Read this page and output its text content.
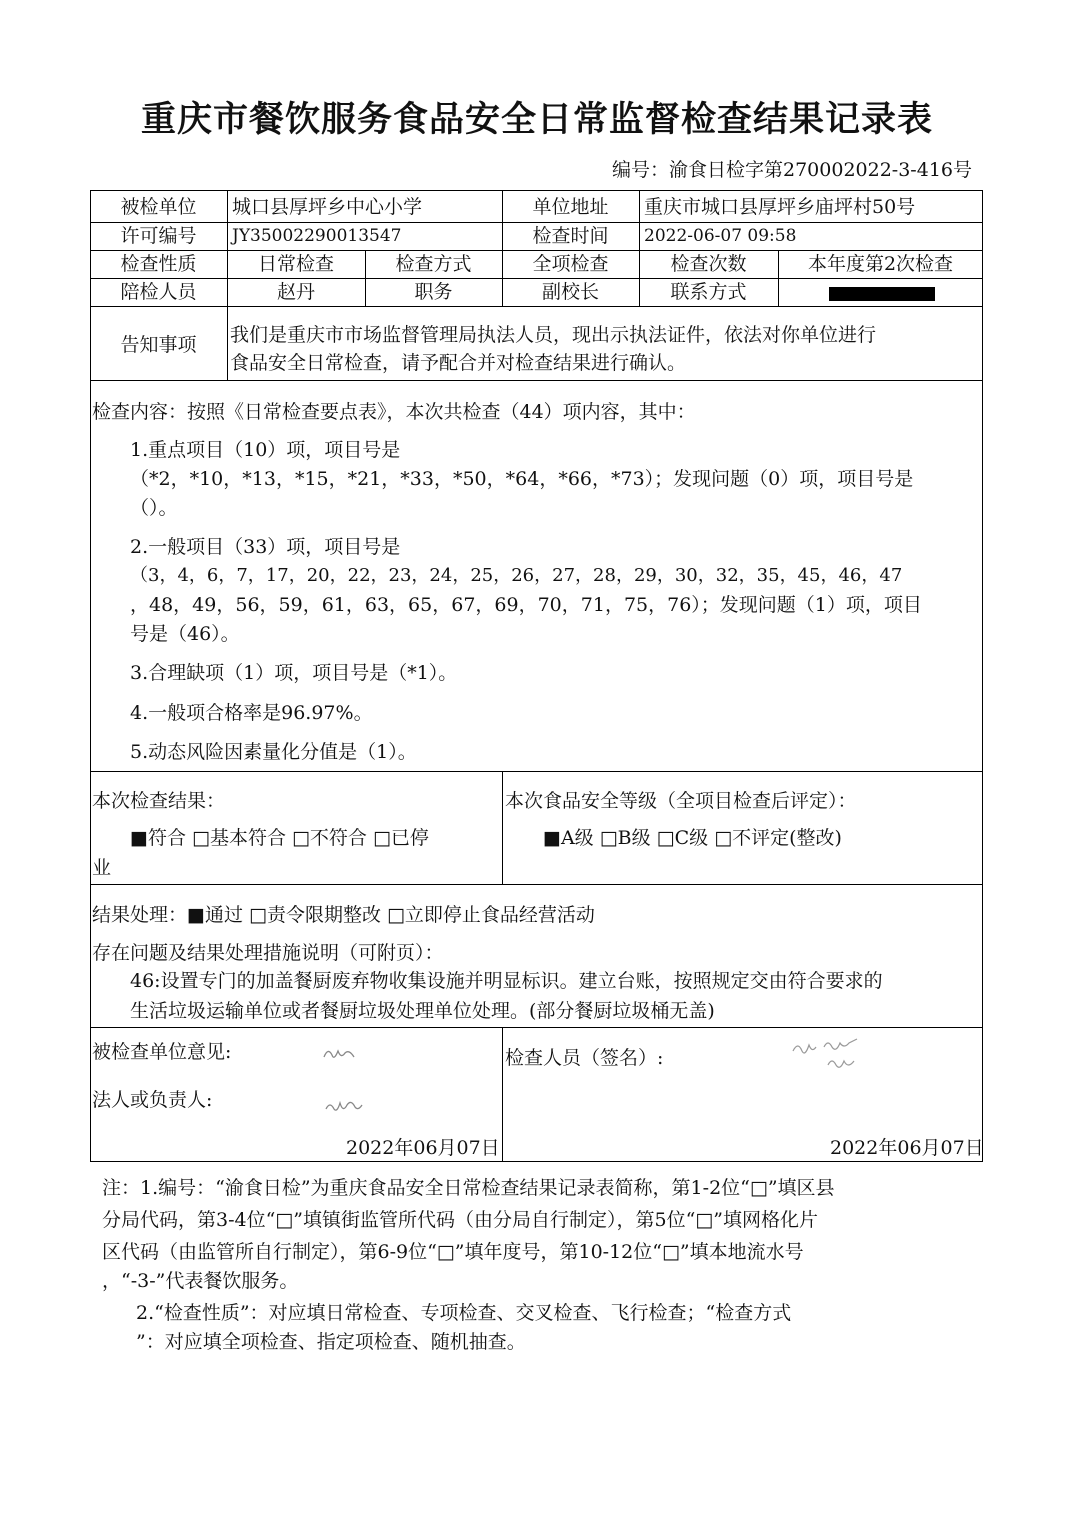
重庆市餐饮服务食品安全日常监督检查结果记录表
编号：渝食日检字第270002022-3-416号
被检单位	城口县厚坪乡中心小学	单位地址	重庆市城口县厚坪乡庙坪村50号
许可编号	JY35002290013547	检查时间	2022-06-07 09:58
检查性质	日常检查	检查方式	全项检查	检查次数	本年度第2次检查
陪检人员	赵丹	职务	副校长	联系方式
告知事项	我们是重庆市市场监督管理局执法人员，现出示执法证件，依法对你单位进行
食品安全日常检查，请予配合并对检查结果进行确认。
检查内容：按照《日常检查要点表》，本次共检查（44）项内容，其中：
1.重点项目（10）项，项目号是
（*2，*10，*13，*15，*21，*33，*50，*64，*66，*73）；发现问题（0）项，项目号是
（）。
2.一般项目（33）项，项目号是
（3，4，6，7，17，20，22，23，24，25，26，27，28，29，30，32，35，45，46，47
，48，49，56，59，61，63，65，67，69，70，71，75，76）；发现问题（1）项，项目
号是（46）。
3.合理缺项（1）项，项目号是（*1）。
4.一般项合格率是96.97%。
5.动态风险因素量化分值是（1）。
本次检查结果：
■符合 □基本符合 □不符合 □已停
业
本次食品安全等级（全项目检查后评定）：
■A级 □B级 □C级 □不评定(整改)
结果处理：■通过 □责令限期整改 □立即停止食品经营活动
存在问题及结果处理措施说明（可附页）：
46:设置专门的加盖餐厨废弃物收集设施并明显标识。建立台账，按照规定交由符合要求的
生活垃圾运输单位或者餐厨垃圾处理单位处理。(部分餐厨垃圾桶无盖)
被检查单位意见:
法人或负责人:
2022年06月07日
检查人员（签名）:
2022年06月07日
注：1.编号：“渝食日检”为重庆食品安全日常检查结果记录表简称，第1-2位“□”填区县
分局代码，第3-4位“□”填镇街监管所代码（由分局自行制定），第5位“□”填网格化片
区代码（由监管所自行制定），第6-9位“□”填年度号，第10-12位“□”填本地流水号
，“-3-”代表餐饮服务。
2.“检查性质”：对应填日常检查、专项检查、交叉检查、飞行检查；“检查方式
”：对应填全项检查、指定项检查、随机抽查。
